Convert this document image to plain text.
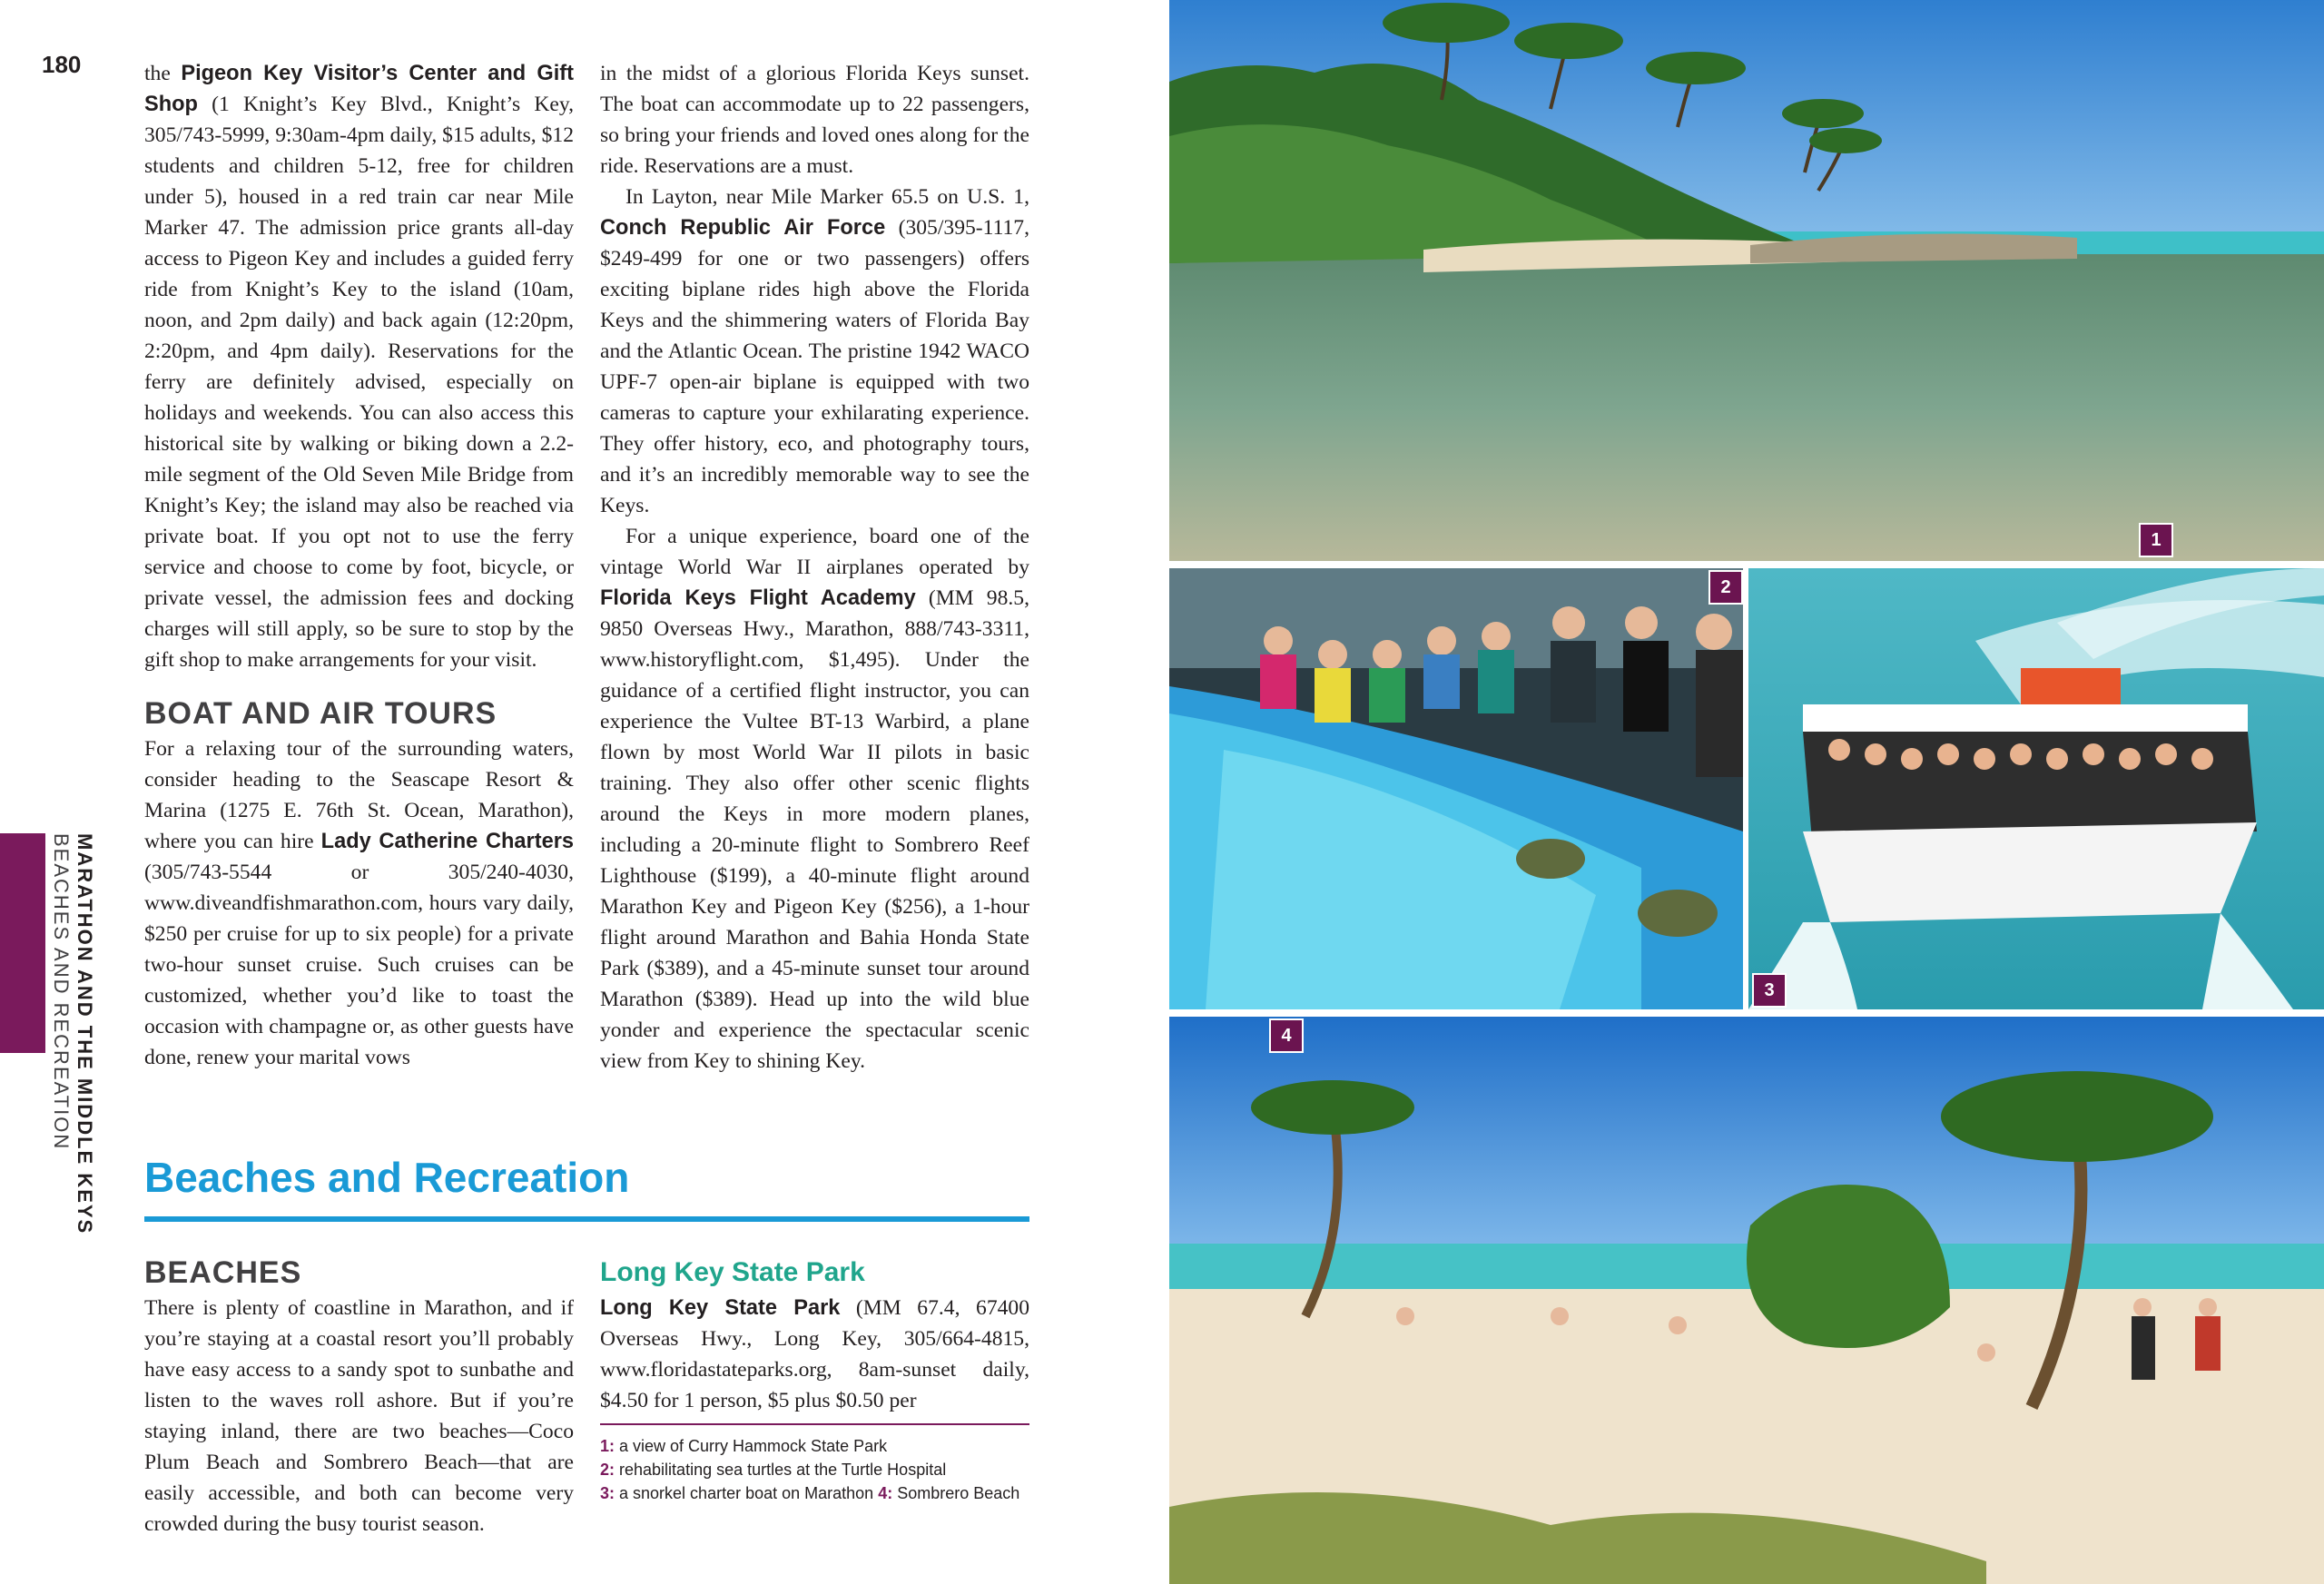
180	the Pigeon Key Visitor’s Center and Gift Shop (1 Knight’s Key Blvd., Knight’s Key, 305/743-5999, 9:30am-4pm daily, $15 adults, $12 students and children 5-12, free for children under 5), housed in a red train car near Mile Marker 47. The admission price grants all-day access to Pigeon Key and includes a guided ferry ride from Knight’s Key to the island (10am, noon, and 2pm daily) and back again (12:20pm, 2:20pm, and 4pm daily). Reservations for the ferry are definitely advised, especially on holidays and weekends. You can also access this historical site by walking or biking down a 2.2-mile segment of the Old Seven Mile Bridge from Knight’s Key; the island may also be reached via private boat. If you opt not to use the ferry service and choose to come by foot, bicycle, or private vessel, the admission fees and docking charges will still apply, so be sure to stop by the gift shop to make arrangements for your visit.

BOAT AND AIR TOURS

For a relaxing tour of the surrounding waters, consider heading to the Seascape Resort & Marina (1275 E. 76th St. Ocean, Marathon), where you can hire Lady Catherine Charters (305/743-5544 or 305/240-4030, www.diveandfishmarathon.com, hours vary daily, $250 per cruise for up to six people) for a private two-hour sunset cruise. Such cruises can be customized, whether you’d like to toast the occasion with champagne or, as other guests have done, renew your marital vows

in the midst of a glorious Florida Keys sunset. The boat can accommodate up to 22 passengers, so bring your friends and loved ones along for the ride. Reservations are a must.

In Layton, near Mile Marker 65.5 on U.S. 1, Conch Republic Air Force (305/395-1117, $249-499 for one or two passengers) offers exciting biplane rides high above the Florida Keys and the shimmering waters of Florida Bay and the Atlantic Ocean. The pristine 1942 WACO UPF-7 open-air biplane is equipped with two cameras to capture your exhilarating experience. They offer history, eco, and photography tours, and it’s an incredibly memorable way to see the Keys.

For a unique experience, board one of the vintage World War II airplanes operated by Florida Keys Flight Academy (MM 98.5, 9850 Overseas Hwy., Marathon, 888/743-3311, www.historyflight.com, $1,495). Under the guidance of a certified flight instructor, you can experience the Vultee BT-13 Warbird, a plane flown by most World War II pilots in basic training. They also offer other scenic flights around the Keys in more modern planes, including a 20-minute flight to Sombrero Reef Lighthouse ($199), a 40-minute flight around Marathon Key and Pigeon Key ($256), a 1-hour flight around Marathon and Bahia Honda State Park ($389), and a 45-minute sunset tour around Marathon ($389). Head up into the wild blue yonder and experience the spectacular scenic view from Key to shining Key.

Beaches and Recreation
BEACHES

There is plenty of coastline in Marathon, and if you’re staying at a coastal resort you’ll probably have easy access to a sandy spot to sunbathe and listen to the waves roll ashore. But if you’re staying inland, there are two beaches—Coco Plum Beach and Sombrero Beach—that are easily accessible, and both can become very crowded during the busy tourist season.

Long Key State Park

Long Key State Park (MM 67.4, 67400 Overseas Hwy., Long Key, 305/664-4815, www.floridastateparks.org, 8am-sunset daily, $4.50 for 1 person, $5 plus $0.50 per

1: a view of Curry Hammock State Park
2: rehabilitating sea turtles at the Turtle Hospital
3: a snorkel charter boat on Marathon 4: Sombrero Beach
MARATHON AND THE MIDDLE KEYS
BEACHES AND RECREATION
1
2
3
4
